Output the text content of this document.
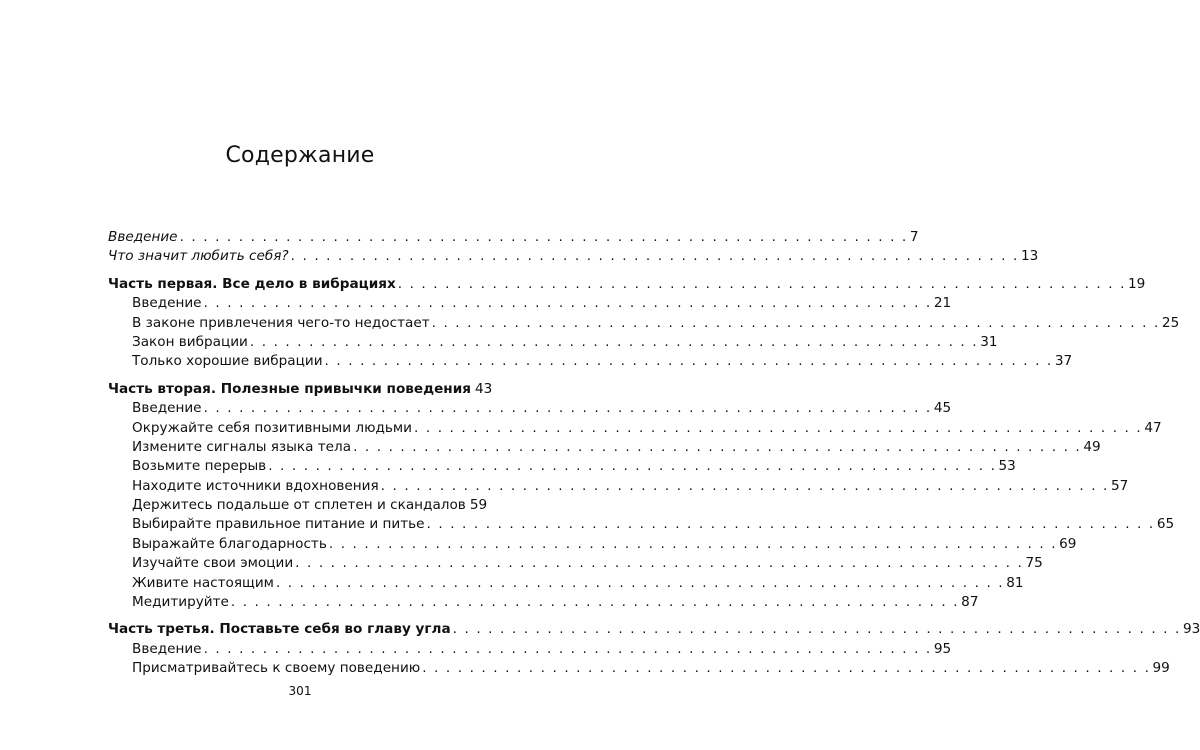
Содержание
Введение . . . . . . . . . . . . . . . . . . . . . . . . . . . . . . . . . . . . . . . . . . . . . . . . . . . . . . . . . . . . . . 7
Что значит любить себя? . . . . . . . . . . . . . . . . . . . . . . . . . . . . . . . . . . . . . . . . . . . . . . . . . . . . . . . . . . . . . . 13
Часть первая. Все дело в вибрациях . . . . . . . . . . . . . . . . . . . . . . . . . . . . . . . . . . . . . . . . . . . . . . . . . . . . . . . . . . . . . . 19
Введение . . . . . . . . . . . . . . . . . . . . . . . . . . . . . . . . . . . . . . . . . . . . . . . . . . . . . . . . . . . . . . 21
В законе привлечения чего-то недостает . . . . . . . . . . . . . . . . . . . . . . . . . . . . . . . . . . . . . . . . . . . . . . . . . . . . . . . . . . . . . . 25
Закон вибрации . . . . . . . . . . . . . . . . . . . . . . . . . . . . . . . . . . . . . . . . . . . . . . . . . . . . . . . . . . . . . . 31
Только хорошие вибрации . . . . . . . . . . . . . . . . . . . . . . . . . . . . . . . . . . . . . . . . . . . . . . . . . . . . . . . . . . . . . . 37
Часть вторая. Полезные привычки поведения 43
Введение . . . . . . . . . . . . . . . . . . . . . . . . . . . . . . . . . . . . . . . . . . . . . . . . . . . . . . . . . . . . . . 45
Окружайте себя позитивными людьми . . . . . . . . . . . . . . . . . . . . . . . . . . . . . . . . . . . . . . . . . . . . . . . . . . . . . . . . . . . . . . 47
Измените сигналы языка тела . . . . . . . . . . . . . . . . . . . . . . . . . . . . . . . . . . . . . . . . . . . . . . . . . . . . . . . . . . . . . . 49
Возьмите перерыв . . . . . . . . . . . . . . . . . . . . . . . . . . . . . . . . . . . . . . . . . . . . . . . . . . . . . . . . . . . . . . 53
Находите источники вдохновения . . . . . . . . . . . . . . . . . . . . . . . . . . . . . . . . . . . . . . . . . . . . . . . . . . . . . . . . . . . . . . 57
Держитесь подальше от сплетен и скандалов 59
Выбирайте правильное питание и питье . . . . . . . . . . . . . . . . . . . . . . . . . . . . . . . . . . . . . . . . . . . . . . . . . . . . . . . . . . . . . . 65
Выражайте благодарность . . . . . . . . . . . . . . . . . . . . . . . . . . . . . . . . . . . . . . . . . . . . . . . . . . . . . . . . . . . . . . 69
Изучайте свои эмоции . . . . . . . . . . . . . . . . . . . . . . . . . . . . . . . . . . . . . . . . . . . . . . . . . . . . . . . . . . . . . . 75
Живите настоящим . . . . . . . . . . . . . . . . . . . . . . . . . . . . . . . . . . . . . . . . . . . . . . . . . . . . . . . . . . . . . . 81
Медитируйте . . . . . . . . . . . . . . . . . . . . . . . . . . . . . . . . . . . . . . . . . . . . . . . . . . . . . . . . . . . . . . 87
Часть третья. Поставьте себя во главу угла . . . . . . . . . . . . . . . . . . . . . . . . . . . . . . . . . . . . . . . . . . . . . . . . . . . . . . . . . . . . . . 93
Введение . . . . . . . . . . . . . . . . . . . . . . . . . . . . . . . . . . . . . . . . . . . . . . . . . . . . . . . . . . . . . . 95
Присматривайтесь к своему поведению . . . . . . . . . . . . . . . . . . . . . . . . . . . . . . . . . . . . . . . . . . . . . . . . . . . . . . . . . . . . . . 99
301
